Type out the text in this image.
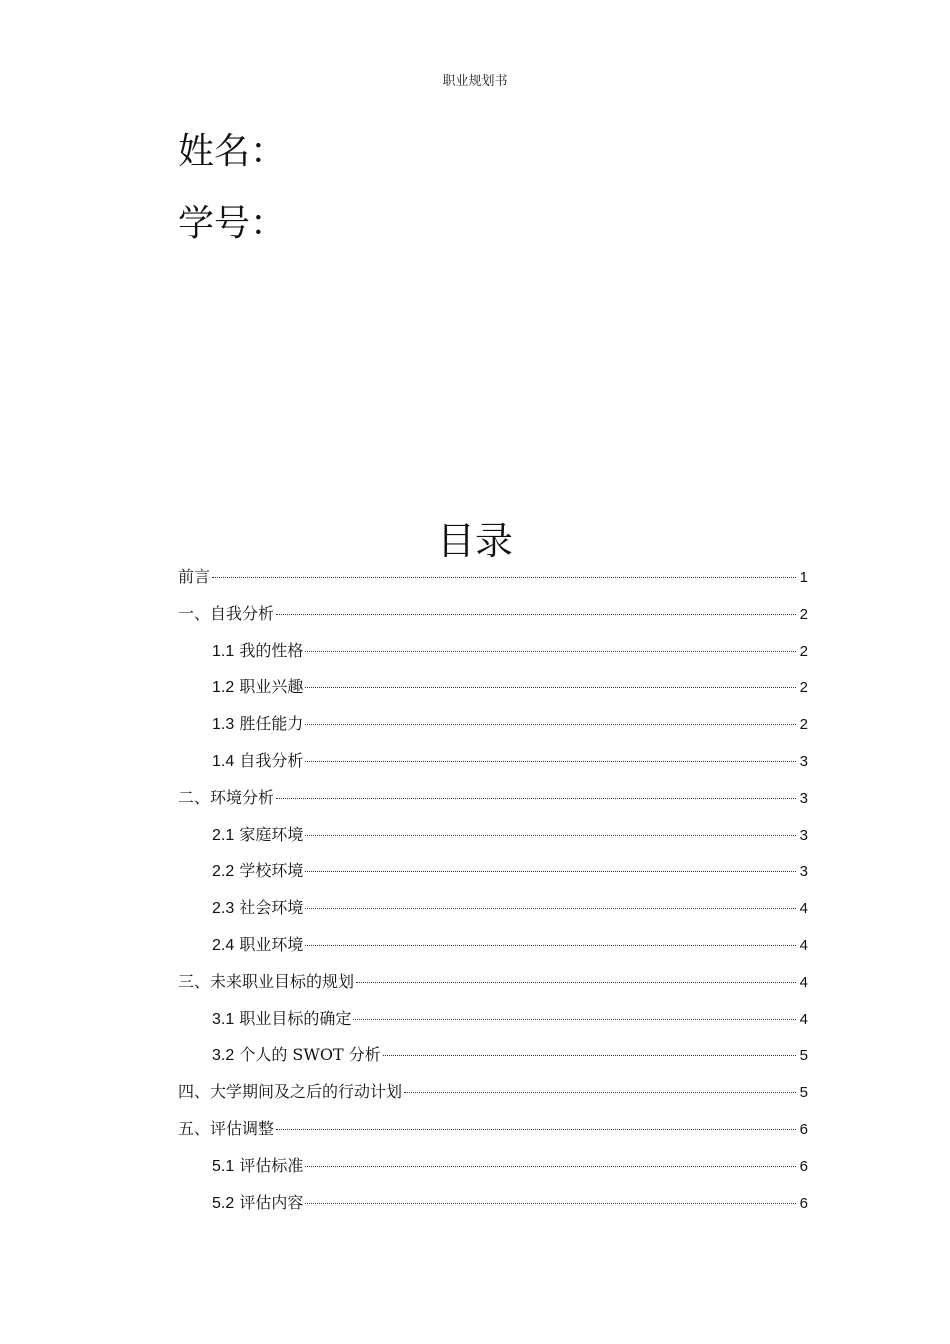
职业规划书
姓名：
学号：
目录
前言	1
一、自我分析	2
1.1 我的性格	2
1.2 职业兴趣	2
1.3 胜任能力	2
1.4 自我分析	3
二、环境分析	3
2.1 家庭环境	3
2.2 学校环境	3
2.3 社会环境	4
2.4 职业环境	4
三、未来职业目标的规划	4
3.1 职业目标的确定	4
3.2 个人的 SWOT 分析	5
四、大学期间及之后的行动计划	5
五、评估调整	6
5.1 评估标准	6
5.2 评估内容	6
